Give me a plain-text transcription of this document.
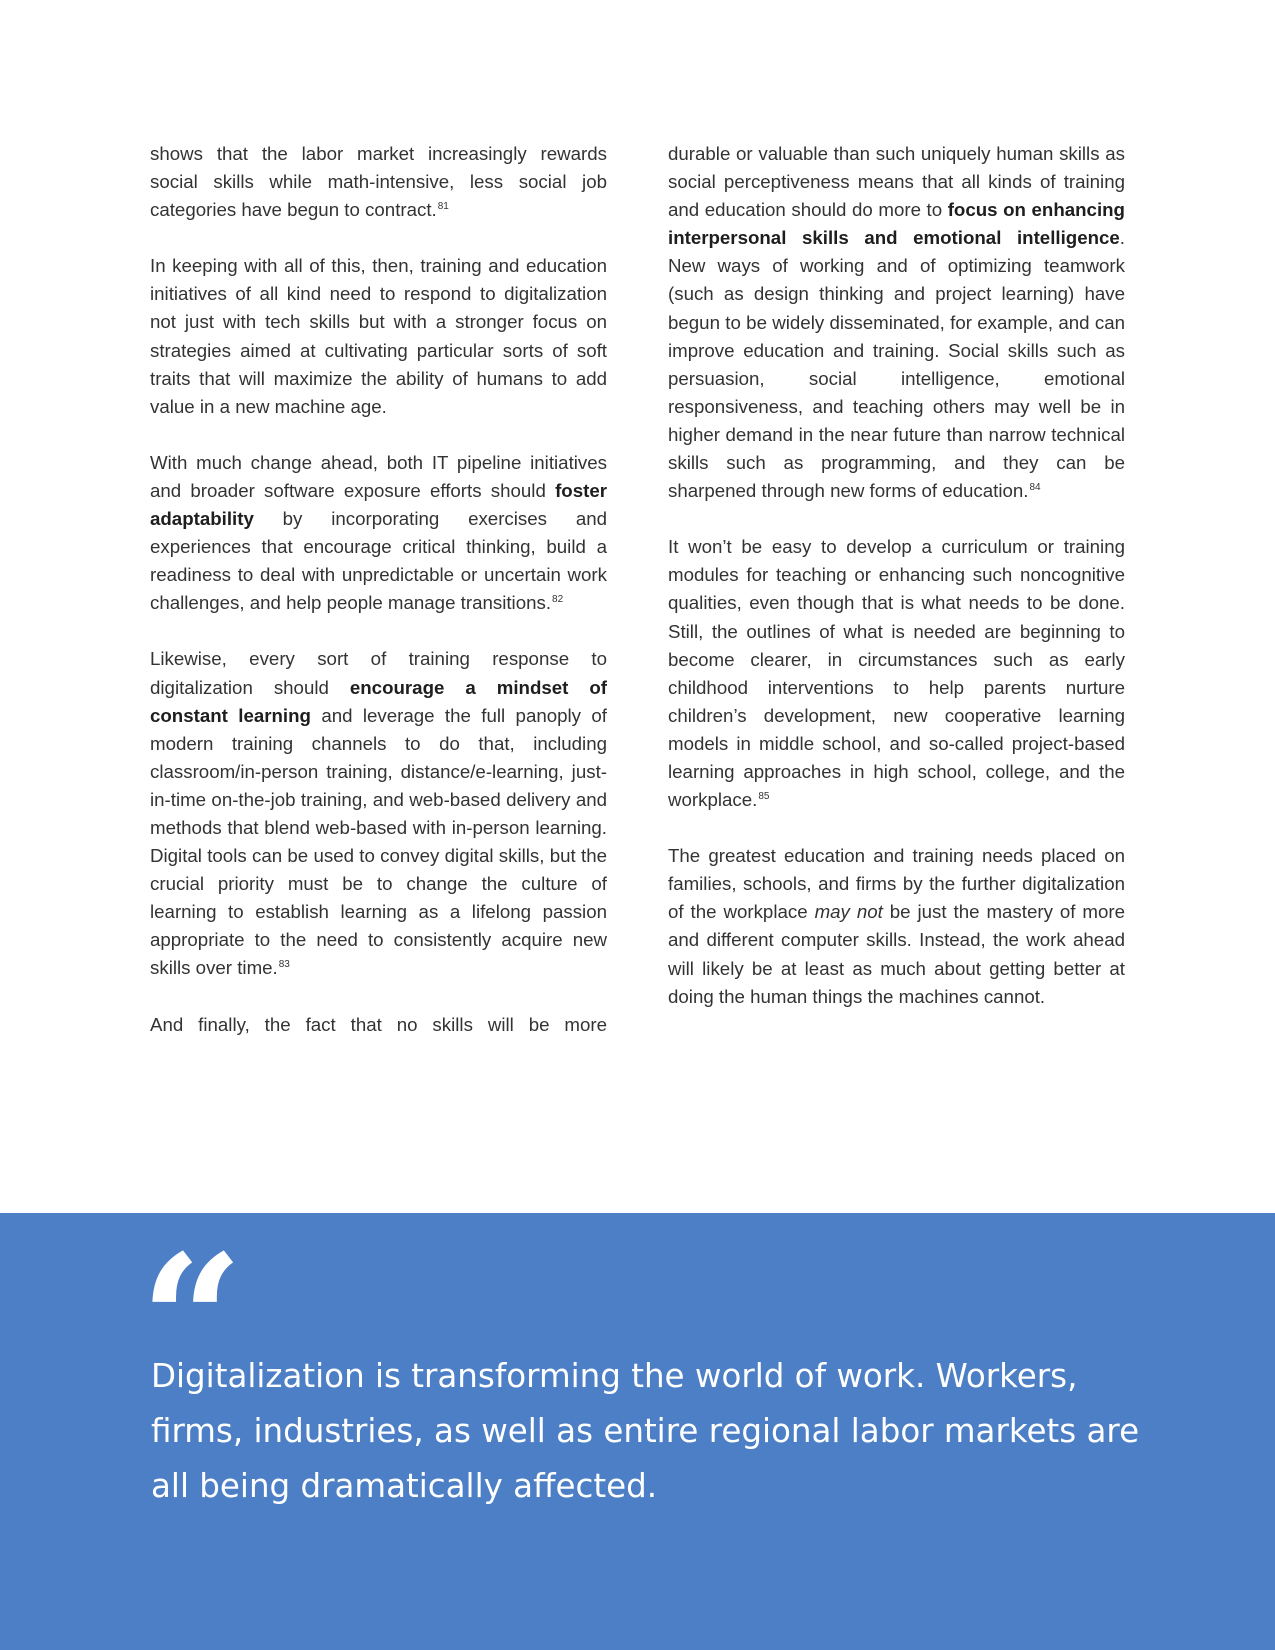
shows that the labor market increasingly rewards social skills while math-intensive, less social job categories have begun to contract.$^{81}$

In keeping with all of this, then, training and education initiatives of all kind need to respond to digitalization not just with tech skills but with a stronger focus on strategies aimed at cultivating particular sorts of soft traits that will maximize the ability of humans to add value in a new machine age.

With much change ahead, both IT pipeline initiatives and broader software exposure efforts should foster adaptability by incorporating exercises and experiences that encourage critical thinking, build a readiness to deal with unpredictable or uncertain work challenges, and help people manage transitions.$^{82}$

Likewise, every sort of training response to digitalization should encourage a mindset of constant learning and leverage the full panoply of modern training channels to do that, including classroom/in-person training, distance/e-learning, just-in-time on-the-job training, and web-based delivery and methods that blend web-based with in-person learning. Digital tools can be used to convey digital skills, but the crucial priority must be to change the culture of learning to establish learning as a lifelong passion appropriate to the need to consistently acquire new skills over time.$^{83}$

And finally, the fact that no skills will be more

durable or valuable than such uniquely human skills as social perceptiveness means that all kinds of training and education should do more to focus on enhancing interpersonal skills and emotional intelligence. New ways of working and of optimizing teamwork (such as design thinking and project learning) have begun to be widely disseminated, for example, and can improve education and training. Social skills such as persuasion, social intelligence, emotional responsiveness, and teaching others may well be in higher demand in the near future than narrow technical skills such as programming, and they can be sharpened through new forms of education.$^{84}$

It won’t be easy to develop a curriculum or training modules for teaching or enhancing such noncognitive qualities, even though that is what needs to be done. Still, the outlines of what is needed are beginning to become clearer, in circumstances such as early childhood interventions to help parents nurture children’s development, new cooperative learning models in middle school, and so-called project-based learning approaches in high school, college, and the workplace.$^{85}$

The greatest education and training needs placed on families, schools, and firms by the further digitalization of the workplace may not be just the mastery of more and different computer skills. Instead, the work ahead will likely be at least as much about getting better at doing the human things the machines cannot.

“

Digitalization is transforming the world of work. Workers, firms, industries, as well as entire regional labor markets are all being dramatically affected.
